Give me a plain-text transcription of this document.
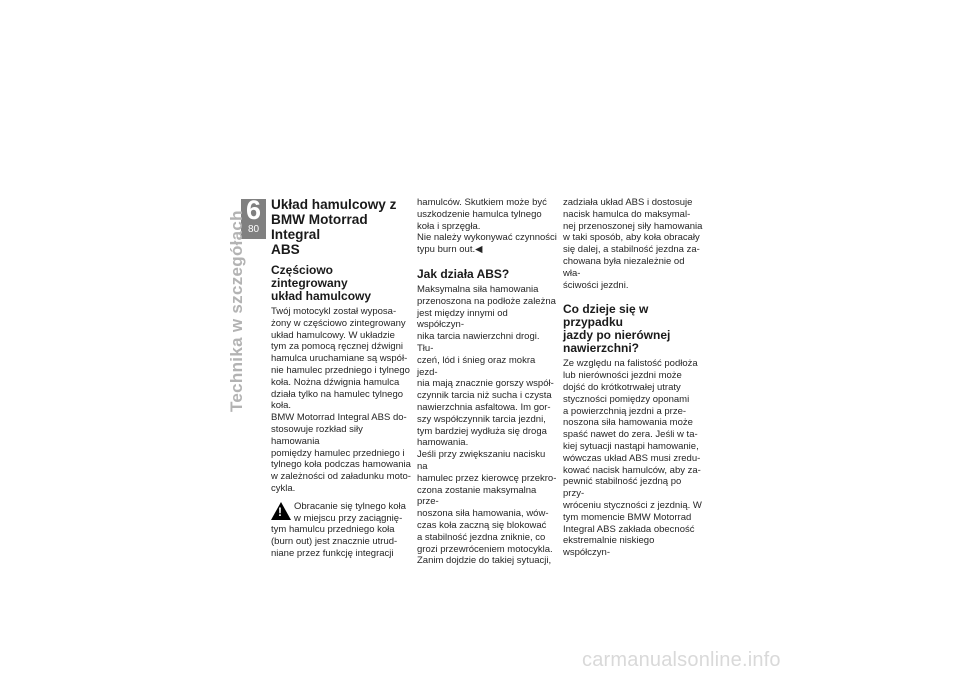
6
80
Technika w szczegółach
Układ hamulcowy z
BMW Motorrad Integral
ABS
Częściowo zintegrowany
układ hamulcowy

Twój motocykl został wyposa-
żony w częściowo zintegrowany
układ hamulcowy. W układzie
tym za pomocą ręcznej dźwigni
hamulca uruchamiane są współ-
nie hamulec przedniego i tylnego
koła. Nożna dźwignia hamulca
działa tylko na hamulec tylnego
koła.
BMW Motorrad Integral ABS do-
stosowuje rozkład siły hamowania
pomiędzy hamulec przedniego i
tylnego koła podczas hamowania
w zależności od załadunku moto-
cykla.

!

Obracanie się tylnego koła

w miejscu przy zaciągnię-

tym hamulcu przedniego koła
(burn out) jest znacznie utrud-
niane przez funkcję integracji

hamulców. Skutkiem może być
uszkodzenie hamulca tylnego
koła i sprzęgła.
Nie należy wykonywać czynności
typu burn out.◀

Jak działa ABS?

Maksymalna siła hamowania
przenoszona na podłoże zależna
jest między innymi od współczyn-
nika tarcia nawierzchni drogi. Tłu-
czeń, lód i śnieg oraz mokra jezd-
nia mają znacznie gorszy współ-
czynnik tarcia niż sucha i czysta
nawierzchnia asfaltowa. Im gor-
szy współczynnik tarcia jezdni,
tym bardziej wydłuża się droga
hamowania.
Jeśli przy zwiększaniu nacisku na
hamulec przez kierowcę przekro-
czona zostanie maksymalna prze-
noszona siła hamowania, wów-
czas koła zaczną się blokować
a stabilność jezdna zniknie, co
grozi przewróceniem motocykla.
Zanim dojdzie do takiej sytuacji,

zadziała układ ABS i dostosuje
nacisk hamulca do maksymal-
nej przenoszonej siły hamowania
w taki sposób, aby koła obracały
się dalej, a stabilność jezdna za-
chowana była niezależnie od wła-
ściwości jezdni.

Co dzieje się w przypadku
jazdy po nierównej
nawierzchni?

Ze względu na falistość podłoża
lub nierówności jezdni może
dojść do krótkotrwałej utraty
styczności pomiędzy oponami
a powierzchnią jezdni a prze-
noszona siła hamowania może
spaść nawet do zera. Jeśli w ta-
kiej sytuacji nastąpi hamowanie,
wówczas układ ABS musi zredu-
kować nacisk hamulców, aby za-
pewnić stabilność jezdną po przy-
wróceniu styczności z jezdnią. W
tym momencie BMW Motorrad
Integral ABS zakłada obecność
ekstremalnie niskiego współczyn-

carmanualsonline.info
